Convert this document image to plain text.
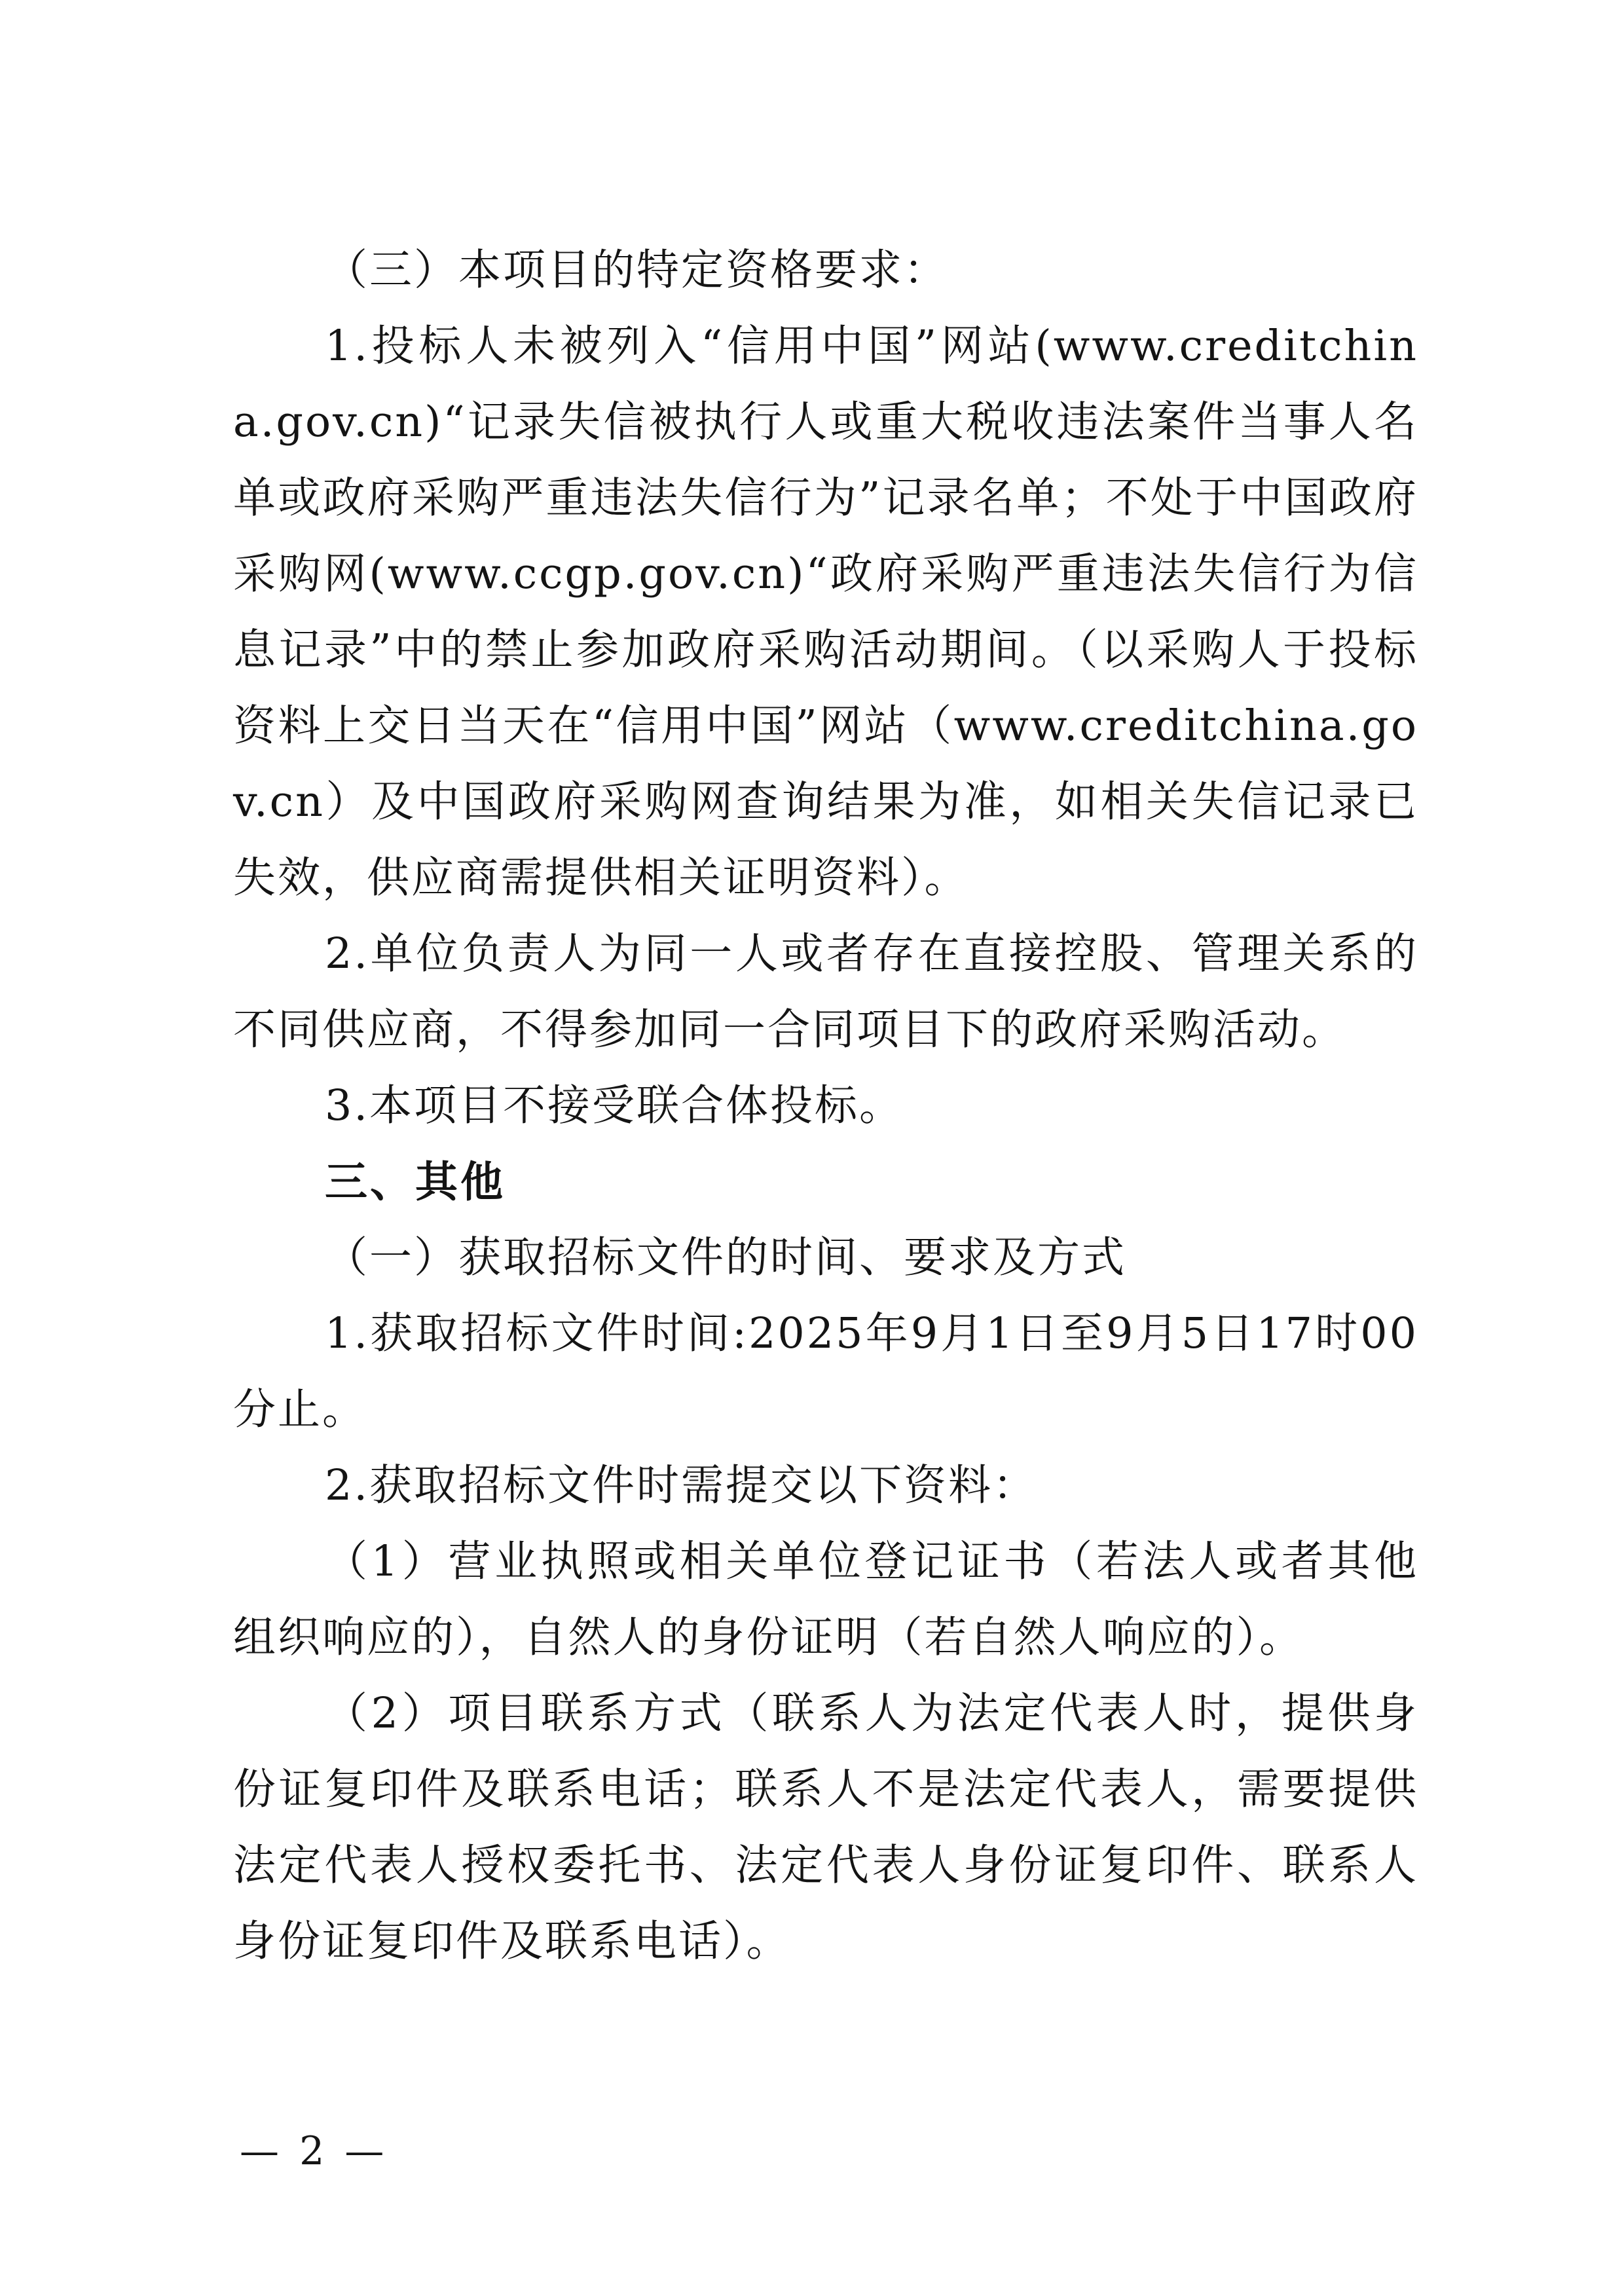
（三）本项目的特定资格要求：

1.投标人未被列入“信用中国”网站(www.creditchina.gov.cn)“记录失信被执行人或重大税收违法案件当事人名单或政府采购严重违法失信行为”记录名单；不处于中国政府采购网(www.ccgp.gov.cn)“政府采购严重违法失信行为信息记录”中的禁止参加政府采购活动期间。（以采购人于投标资料上交日当天在“信用中国”网站（www.creditchina.gov.cn）及中国政府采购网查询结果为准，如相关失信记录已失效，供应商需提供相关证明资料）。

2.单位负责人为同一人或者存在直接控股、管理关系的不同供应商，不得参加同一合同项目下的政府采购活动。

3.本项目不接受联合体投标。

三、其他

（一）获取招标文件的时间、要求及方式

1.获取招标文件时间:2025年9月1日至9月5日17时00分止。

2.获取招标文件时需提交以下资料：

（1）营业执照或相关单位登记证书（若法人或者其他组织响应的），自然人的身份证明（若自然人响应的）。

（2）项目联系方式（联系人为法定代表人时，提供身份证复印件及联系电话；联系人不是法定代表人，需要提供法定代表人授权委托书、法定代表人身份证复印件、联系人身份证复印件及联系电话）。

— 2 —
